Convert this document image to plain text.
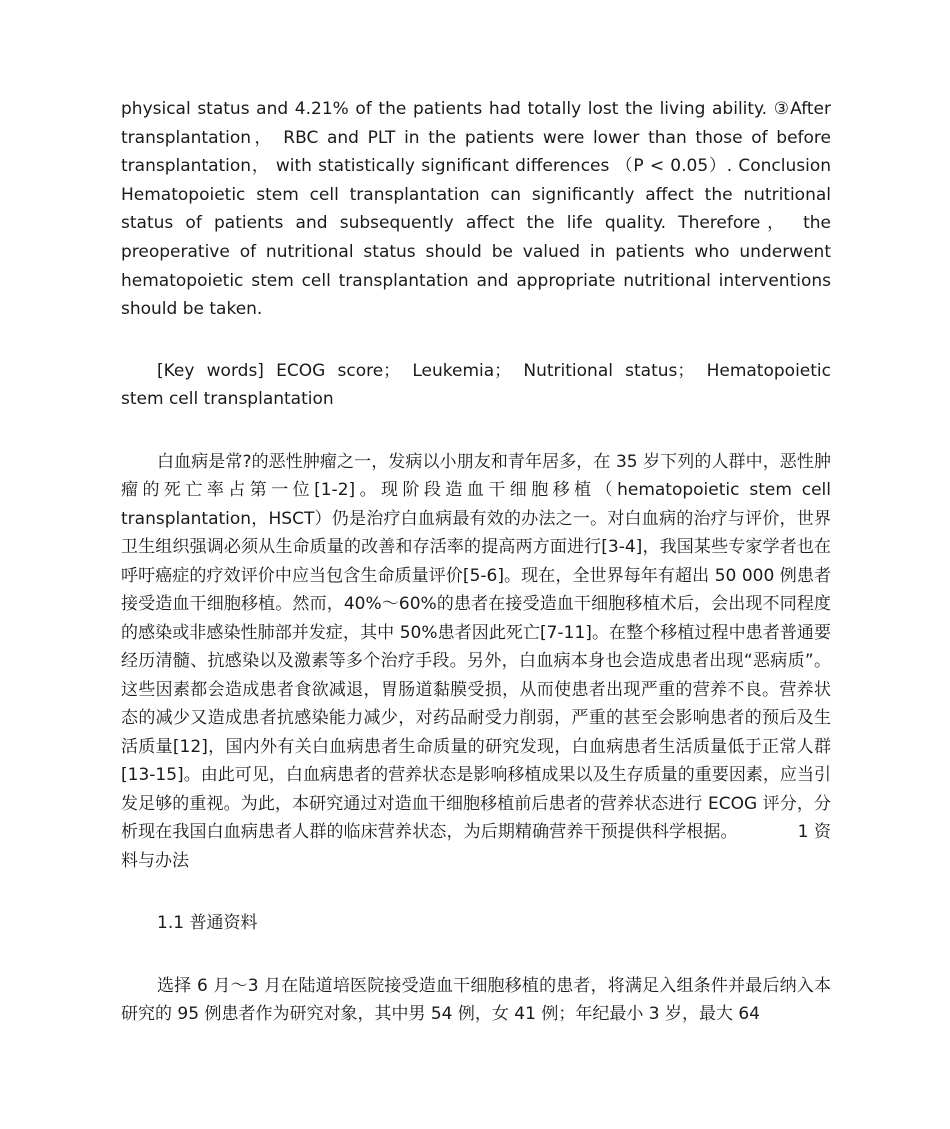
physical status and 4.21% of the patients had totally lost the living ability. ③After transplantation， RBC and PLT in the patients were lower than those of before transplantation， with statistically significant differences （P < 0.05）. Conclusion Hematopoietic stem cell transplantation can significantly affect the nutritional status of patients and subsequently affect the life quality. Therefore， the preoperative of nutritional status should be valued in patients who underwent hematopoietic stem cell transplantation and appropriate nutritional interventions should be taken.

[Key words] ECOG score； Leukemia； Nutritional status； Hematopoietic stem cell transplantation

白血病是常?的恶性肿瘤之一，发病以小朋友和青年居多，在 35 岁下列的人群中，恶性肿瘤的死亡率占第一位[1-2]。现阶段造血干细胞移植（hematopoietic stem cell transplantation，HSCT）仍是治疗白血病最有效的办法之一。对白血病的治疗与评价，世界卫生组织强调必须从生命质量的改善和存活率的提高两方面进行[3-4]，我国某些专家学者也在呼吁癌症的疗效评价中应当包含生命质量评价[5-6]。现在，全世界每年有超出 50 000 例患者接受造血干细胞移植。然而，40%～60%的患者在接受造血干细胞移植术后，会出现不同程度的感染或非感染性肺部并发症，其中 50%患者因此死亡[7-11]。在整个移植过程中患者普通要经历清髓、抗感染以及激素等多个治疗手段。另外，白血病本身也会造成患者出现“恶病质”。这些因素都会造成患者食欲减退，胃肠道黏膜受损，从而使患者出现严重的营养不良。营养状态的减少又造成患者抗感染能力减少，对药品耐受力削弱，严重的甚至会影响患者的预后及生活质量[12]，国内外有关白血病患者生命质量的研究发现，白血病患者生活质量低于正常人群[13-15]。由此可见，白血病患者的营养状态是影响移植成果以及生存质量的重要因素，应当引发足够的重视。为此，本研究通过对造血干细胞移植前后患者的营养状态进行 ECOG 评分，分析现在我国白血病患者人群的临床营养状态，为后期精确营养干预提供科学根据。	1 资料与办法

1.1 普通资料

选择 6 月～3 月在陆道培医院接受造血干细胞移植的患者，将满足入组条件并最后纳入本研究的 95 例患者作为研究对象，其中男 54 例，女 41 例；年纪最小 3 岁，最大 64
